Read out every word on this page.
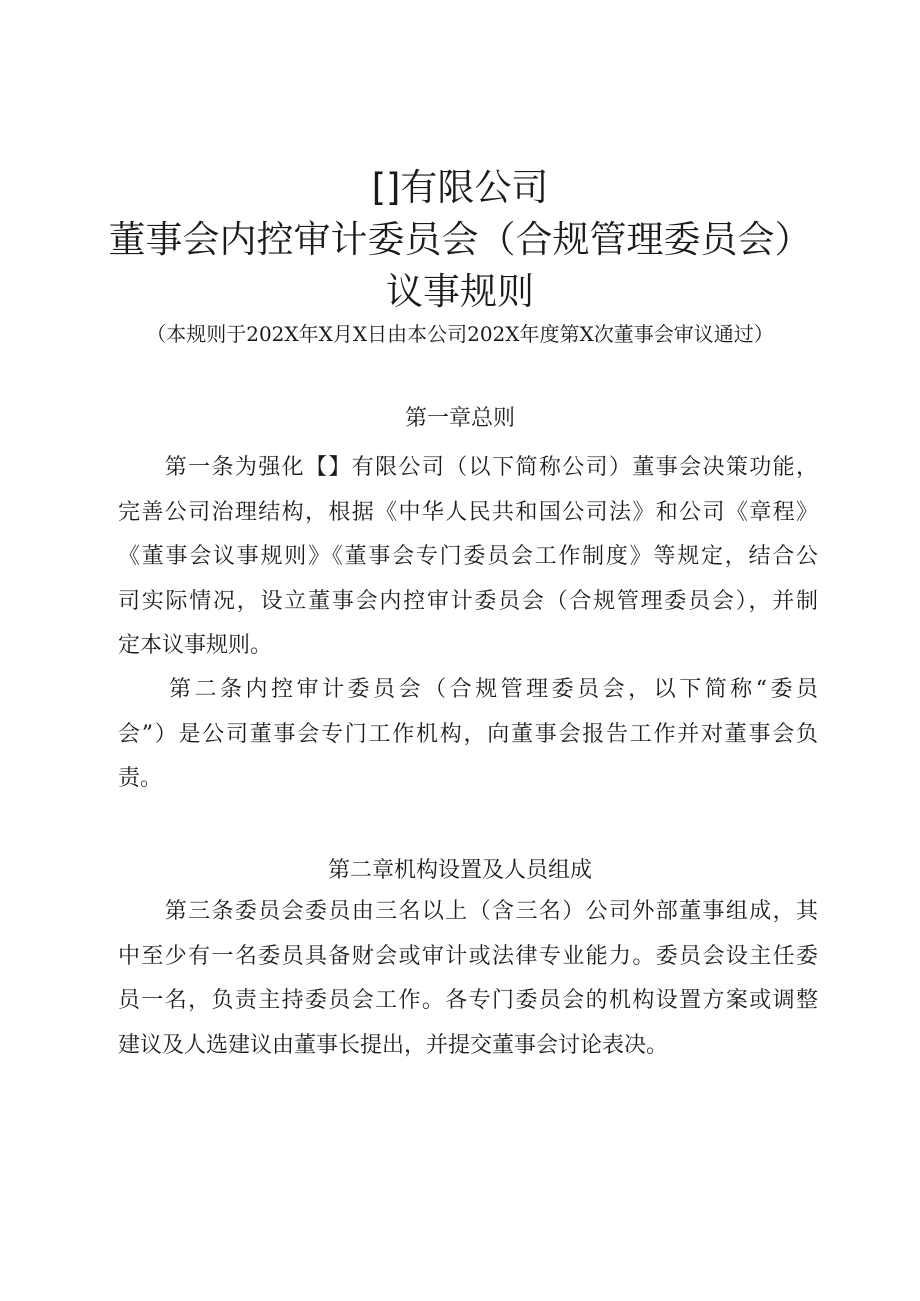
[]有限公司
董事会内控审计委员会（合规管理委员会）
议事规则
（本规则于202X年X月X日由本公司202X年度第X次董事会审议通过）
第一章总则
　　第一条为强化【】有限公司（以下简称公司）董事会决策功能，
完善公司治理结构，根据《中华人民共和国公司法》和公司《章程》
《董事会议事规则》《董事会专门委员会工作制度》等规定，结合公
司实际情况，设立董事会内控审计委员会（合规管理委员会），并制
定本议事规则。
　　第二条内控审计委员会（合规管理委员会，以下简称“委员
会”）是公司董事会专门工作机构，向董事会报告工作并对董事会负
责。
第二章机构设置及人员组成
　　第三条委员会委员由三名以上（含三名）公司外部董事组成，其
中至少有一名委员具备财会或审计或法律专业能力。委员会设主任委
员一名，负责主持委员会工作。各专门委员会的机构设置方案或调整
建议及人选建议由董事长提出，并提交董事会讨论表决。
